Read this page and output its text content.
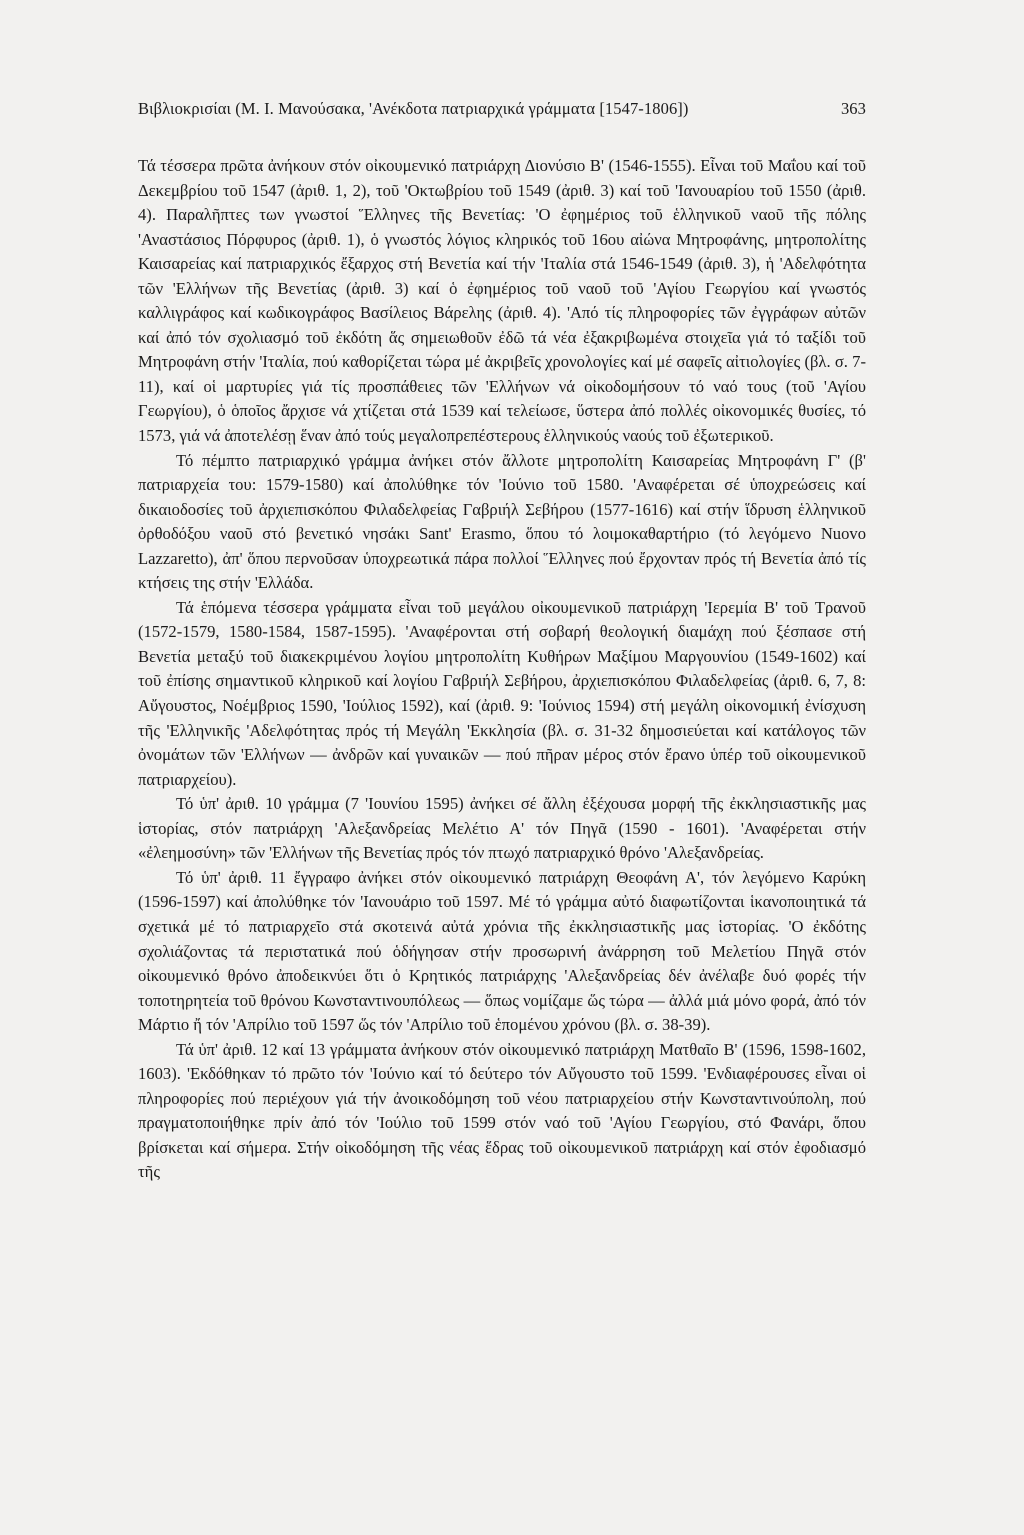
Βιβλιοκρισίαι (Μ. Ι. Μανούσακα, 'Ανέκδοτα πατριαρχικά γράμματα [1547-1806])	363

Τά τέσσερα πρῶτα ἀνήκουν στόν οἰκουμενικό πατριάρχη Διονύσιο Β' (1546-1555). Εἶναι τοῦ Μαΐου καί τοῦ Δεκεμβρίου τοῦ 1547 (ἀριθ. 1, 2), τοῦ 'Οκτωβρίου τοῦ 1549 (ἀριθ. 3) καί τοῦ 'Ιανουαρίου τοῦ 1550 (ἀριθ. 4). Παραλῆπτες των γνωστοί Ἕλληνες τῆς Βενετίας: 'Ο ἐφημέριος τοῦ ἑλληνικοῦ ναοῦ τῆς πόλης 'Αναστάσιος Πόρφυρος (ἀριθ. 1), ὁ γνωστός λόγιος κληρικός τοῦ 16ου αἰώνα Μητροφάνης, μητροπολίτης Καισαρείας καί πατριαρχικός ἔξαρχος στή Βενετία καί τήν 'Ιταλία στά 1546-1549 (ἀριθ. 3), ἡ 'Αδελφότητα τῶν 'Ελλήνων τῆς Βενετίας (ἀριθ. 3) καί ὁ ἐφημέριος τοῦ ναοῦ τοῦ 'Αγίου Γεωργίου καί γνωστός καλλιγράφος καί κωδικογράφος Βασίλειος Βάρελης (ἀριθ. 4). 'Από τίς πληροφορίες τῶν ἐγγράφων αὐτῶν καί ἀπό τόν σχολιασμό τοῦ ἐκδότη ἅς σημειωθοῦν ἐδῶ τά νέα ἐξακριβωμένα στοιχεῖα γιά τό ταξίδι τοῦ Μητροφάνη στήν 'Ιταλία, πού καθορίζεται τώρα μέ ἀκριβεῖς χρονολογίες καί μέ σαφεῖς αἰτιολογίες (βλ. σ. 7-11), καί οἱ μαρτυρίες γιά τίς προσπάθειες τῶν 'Ελλήνων νά οἰκοδομήσουν τό ναό τους (τοῦ 'Αγίου Γεωργίου), ὁ ὁποῖος ἄρχισε νά χτίζεται στά 1539 καί τελείωσε, ὕστερα ἀπό πολλές οἰκονομικές θυσίες, τό 1573, γιά νά ἀποτελέσῃ ἕναν ἀπό τούς μεγαλοπρεπέστερους ἑλληνικούς ναούς τοῦ ἐξωτερικοῦ.

Τό πέμπτο πατριαρχικό γράμμα ἀνήκει στόν ἄλλοτε μητροπολίτη Καισαρείας Μητροφάνη Γ' (β' πατριαρχεία του: 1579-1580) καί ἀπολύθηκε τόν 'Ιούνιο τοῦ 1580. 'Αναφέρεται σέ ὑποχρεώσεις καί δικαιοδοσίες τοῦ ἀρχιεπισκόπου Φιλαδελφείας Γαβριήλ Σεβήρου (1577-1616) καί στήν ἵδρυση ἑλληνικοῦ ὀρθοδόξου ναοῦ στό βενετικό νησάκι Sant' Erasmo, ὅπου τό λοιμοκαθαρτήριο (τό λεγόμενο Nuovo Lazzaretto), ἀπ' ὅπου περνοῦσαν ὑποχρεωτικά πάρα πολλοί Ἕλληνες πού ἔρχονταν πρός τή Βενετία ἀπό τίς κτήσεις της στήν 'Ελλάδα.

Τά ἑπόμενα τέσσερα γράμματα εἶναι τοῦ μεγάλου οἰκουμενικοῦ πατριάρχη 'Ιερεμία Β' τοῦ Τρανοῦ (1572-1579, 1580-1584, 1587-1595). 'Αναφέρονται στή σοβαρή θεολογική διαμάχη πού ξέσπασε στή Βενετία μεταξύ τοῦ διακεκριμένου λογίου μητροπολίτη Κυθήρων Μαξίμου Μαργουνίου (1549-1602) καί τοῦ ἐπίσης σημαντικοῦ κληρικοῦ καί λογίου Γαβριήλ Σεβήρου, ἀρχιεπισκόπου Φιλαδελφείας (ἀριθ. 6, 7, 8: Αὔγουστος, Νοέμβριος 1590, 'Ιούλιος 1592), καί (ἀριθ. 9: 'Ιούνιος 1594) στή μεγάλη οἰκονομική ἐνίσχυση τῆς 'Ελληνικῆς 'Αδελφότητας πρός τή Μεγάλη 'Εκκλησία (βλ. σ. 31-32 δημοσιεύεται καί κατάλογος τῶν ὀνομάτων τῶν 'Ελλήνων — ἀνδρῶν καί γυναικῶν — πού πῆραν μέρος στόν ἔρανο ὑπέρ τοῦ οἰκουμενικοῦ πατριαρχείου).

Τό ὑπ' ἀριθ. 10 γράμμα (7 'Ιουνίου 1595) ἀνήκει σέ ἄλλη ἐξέχουσα μορφή τῆς ἐκκλησιαστικῆς μας ἱστορίας, στόν πατριάρχη 'Αλεξανδρείας Μελέτιο Α' τόν Πηγᾶ (1590 - 1601). 'Αναφέρεται στήν «ἐλεημοσύνη» τῶν 'Ελλήνων τῆς Βενετίας πρός τόν πτωχό πατριαρχικό θρόνο 'Αλεξανδρείας.

Τό ὑπ' ἀριθ. 11 ἔγγραφο ἀνήκει στόν οἰκουμενικό πατριάρχη Θεοφάνη Α', τόν λεγόμενο Καρύκη (1596-1597) καί ἀπολύθηκε τόν 'Ιανουάριο τοῦ 1597. Μέ τό γράμμα αὐτό διαφωτίζονται ἱκανοποιητικά τά σχετικά μέ τό πατριαρχεῖο στά σκοτεινά αὐτά χρόνια τῆς ἐκκλησιαστικῆς μας ἱστορίας. 'Ο ἐκδότης σχολιάζοντας τά περιστατικά πού ὁδήγησαν στήν προσωρινή ἀνάρρηση τοῦ Μελετίου Πηγᾶ στόν οἰκουμενικό θρόνο ἀποδεικνύει ὅτι ὁ Κρητικός πατριάρχης 'Αλεξανδρείας δέν ἀνέλαβε δυό φορές τήν τοποτηρητεία τοῦ θρόνου Κωνσταντινουπόλεως — ὅπως νομίζαμε ὥς τώρα — ἀλλά μιά μόνο φορά, ἀπό τόν Μάρτιο ἤ τόν 'Απρίλιο τοῦ 1597 ὥς τόν 'Απρίλιο τοῦ ἑπομένου χρόνου (βλ. σ. 38-39).

Τά ὑπ' ἀριθ. 12 καί 13 γράμματα ἀνήκουν στόν οἰκουμενικό πατριάρχη Ματθαῖο Β' (1596, 1598-1602, 1603). 'Εκδόθηκαν τό πρῶτο τόν 'Ιούνιο καί τό δεύτερο τόν Αὔγουστο τοῦ 1599. 'Ενδιαφέρουσες εἶναι οἱ πληροφορίες πού περιέχουν γιά τήν ἀνοικοδόμηση τοῦ νέου πατριαρχείου στήν Κωνσταντινούπολη, πού πραγματοποιήθηκε πρίν ἀπό τόν 'Ιούλιο τοῦ 1599 στόν ναό τοῦ 'Αγίου Γεωργίου, στό Φανάρι, ὅπου βρίσκεται καί σήμερα. Στήν οἰκοδόμηση τῆς νέας ἕδρας τοῦ οἰκουμενικοῦ πατριάρχη καί στόν ἐφοδιασμό τῆς
